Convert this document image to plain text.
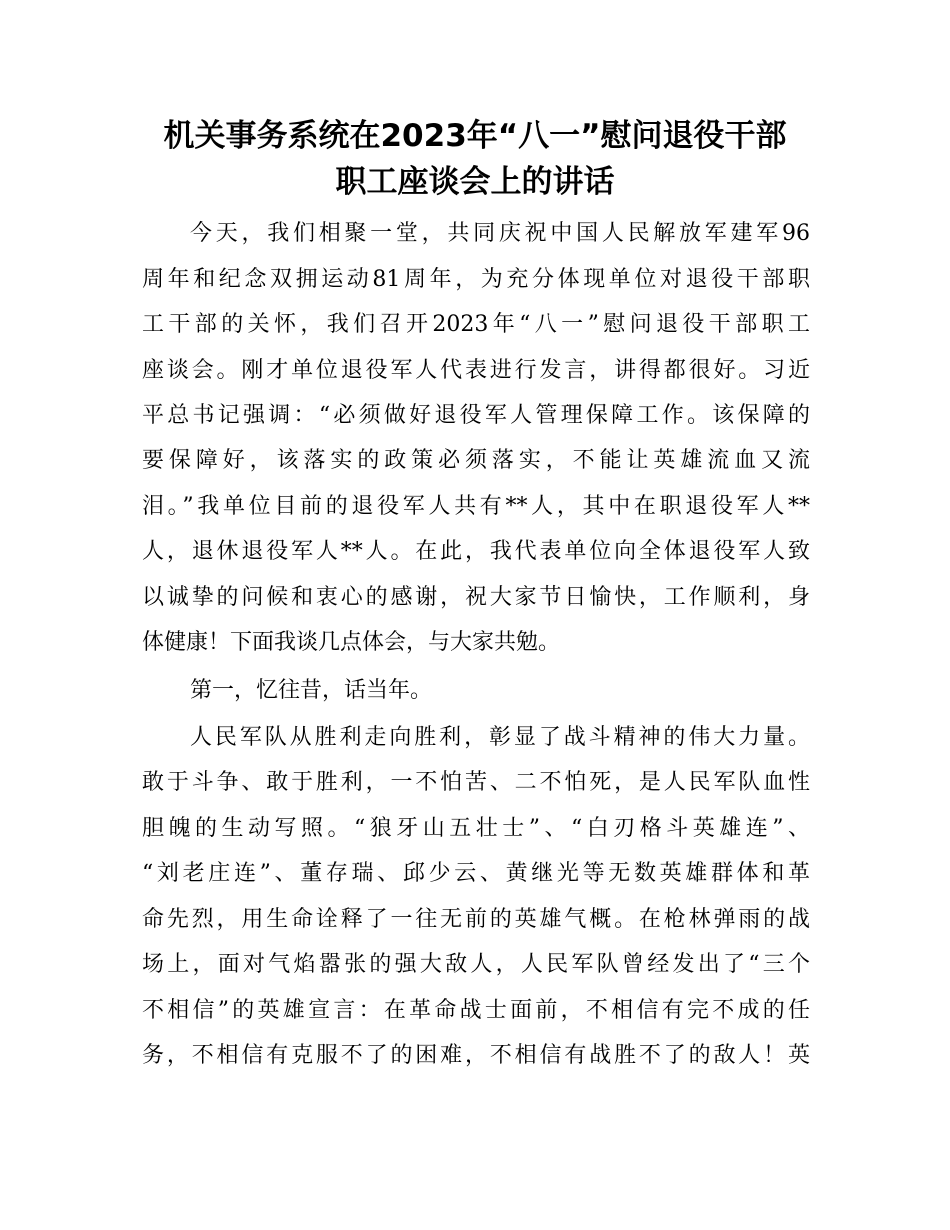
机关事务系统在2023年“八一”慰问退役干部
职工座谈会上的讲话
今天，我们相聚一堂，共同庆祝中国人民解放军建军96
周年和纪念双拥运动81周年，为充分体现单位对退役干部职
工干部的关怀，我们召开2023年“八一”慰问退役干部职工
座谈会。刚才单位退役军人代表进行发言，讲得都很好。习近
平总书记强调：“必须做好退役军人管理保障工作。该保障的
要保障好，该落实的政策必须落实，不能让英雄流血又流
泪。”我单位目前的退役军人共有**人，其中在职退役军人**
人，退休退役军人**人。在此，我代表单位向全体退役军人致
以诚挚的问候和衷心的感谢，祝大家节日愉快，工作顺利，身
体健康！下面我谈几点体会，与大家共勉。
第一，忆往昔，话当年。
人民军队从胜利走向胜利，彰显了战斗精神的伟大力量。
敢于斗争、敢于胜利，一不怕苦、二不怕死，是人民军队血性
胆魄的生动写照。“狼牙山五壮士”、“白刃格斗英雄连”、
“刘老庄连”、董存瑞、邱少云、黄继光等无数英雄群体和革
命先烈，用生命诠释了一往无前的英雄气概。在枪林弹雨的战
场上，面对气焰嚣张的强大敌人，人民军队曾经发出了“三个
不相信”的英雄宣言：在革命战士面前，不相信有完不成的任
务，不相信有克服不了的困难，不相信有战胜不了的敌人！英
